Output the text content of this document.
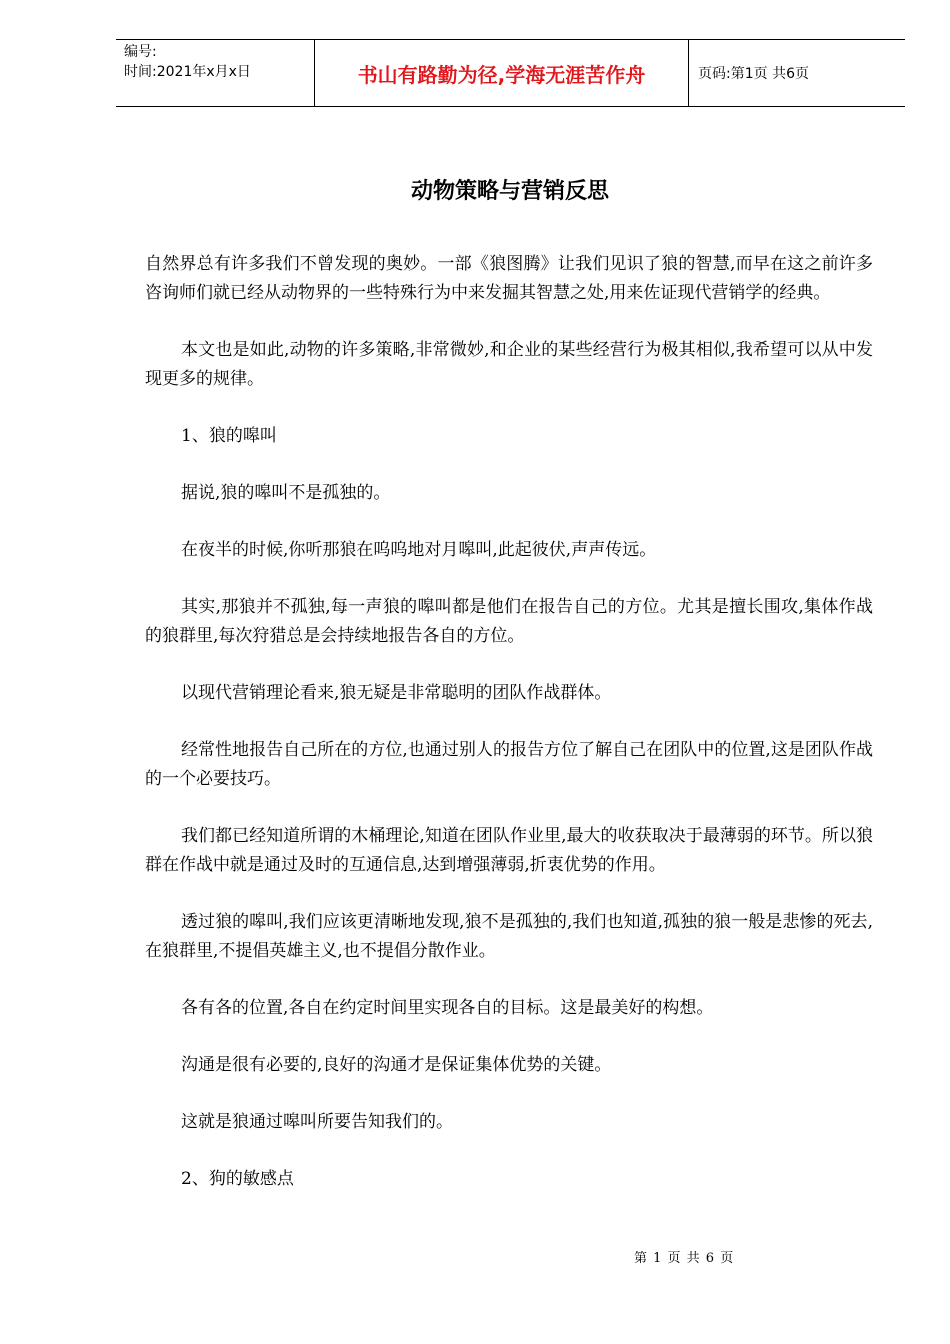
编号:
时间:2021年x月x日	书山有路勤为径,学海无涯苦作舟	页码:第1页 共6页
动物策略与营销反思

自然界总有许多我们不曾发现的奥妙。一部《狼图腾》让我们见识了狼的智慧,而早在这之前许多咨询师们就已经从动物界的一些特殊行为中来发掘其智慧之处,用来佐证现代营销学的经典。

本文也是如此,动物的许多策略,非常微妙,和企业的某些经营行为极其相似,我希望可以从中发现更多的规律。

1、狼的嗥叫

据说,狼的嗥叫不是孤独的。

在夜半的时候,你听那狼在呜呜地对月嗥叫,此起彼伏,声声传远。

其实,那狼并不孤独,每一声狼的嗥叫都是他们在报告自己的方位。尤其是擅长围攻,集体作战的狼群里,每次狩猎总是会持续地报告各自的方位。

以现代营销理论看来,狼无疑是非常聪明的团队作战群体。

经常性地报告自己所在的方位,也通过别人的报告方位了解自己在团队中的位置,这是团队作战的一个必要技巧。

我们都已经知道所谓的木桶理论,知道在团队作业里,最大的收获取决于最薄弱的环节。所以狼群在作战中就是通过及时的互通信息,达到增强薄弱,折衷优势的作用。

透过狼的嗥叫,我们应该更清晰地发现,狼不是孤独的,我们也知道,孤独的狼一般是悲惨的死去,在狼群里,不提倡英雄主义,也不提倡分散作业。

各有各的位置,各自在约定时间里实现各自的目标。这是最美好的构想。

沟通是很有必要的,良好的沟通才是保证集体优势的关键。

这就是狼通过嗥叫所要告知我们的。

2、狗的敏感点

第 1 页 共 6 页
